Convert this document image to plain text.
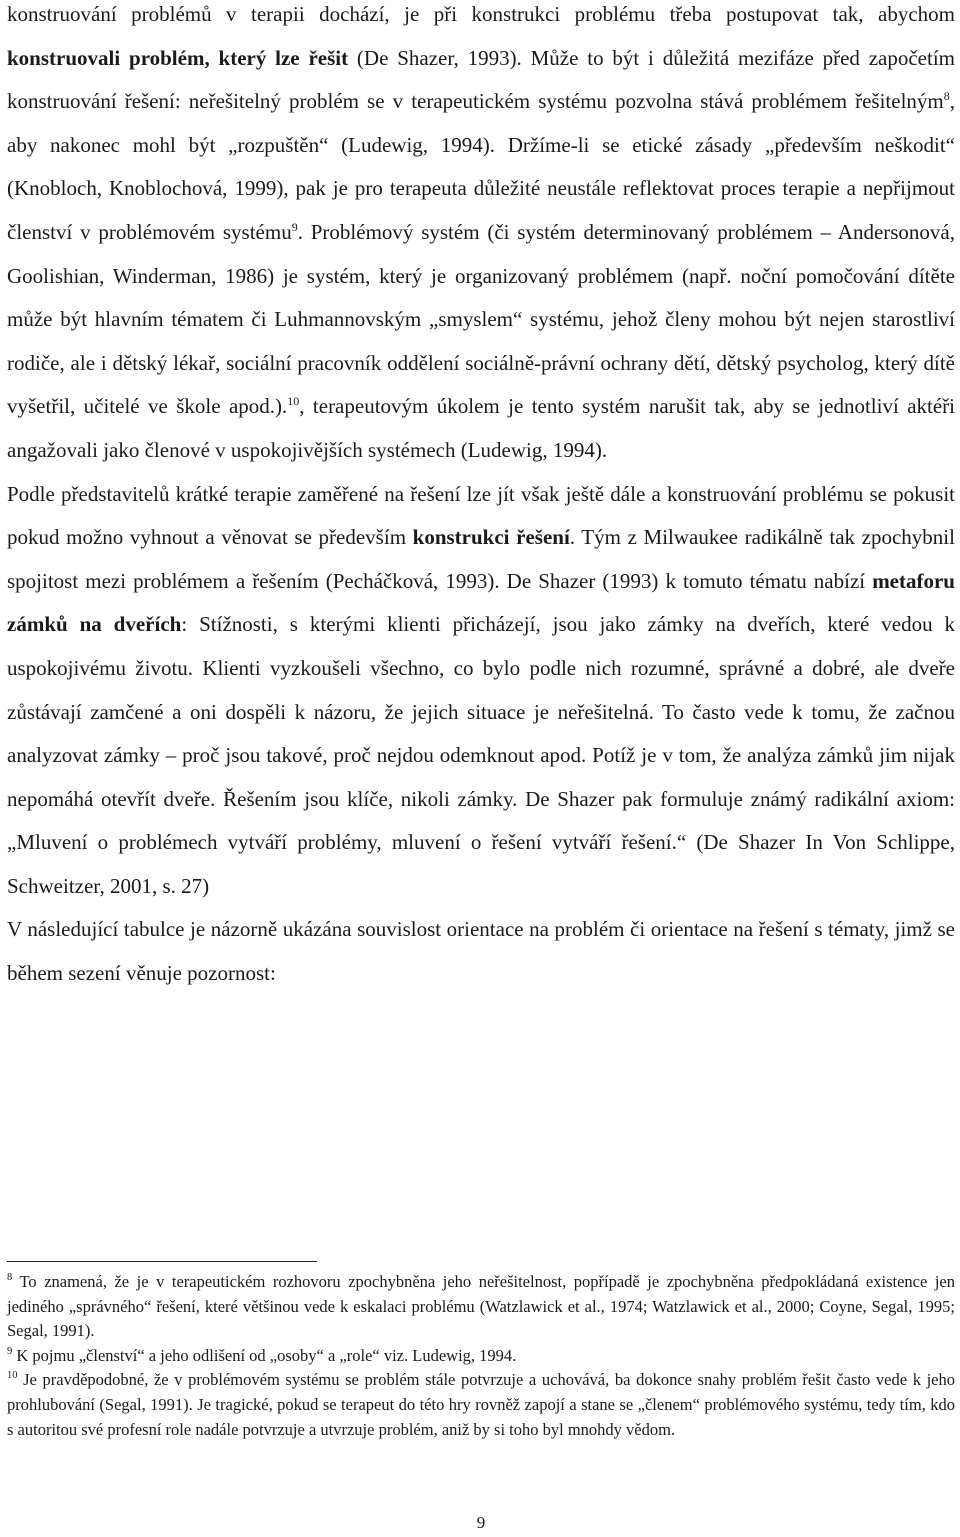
konstruování problémů v terapii dochází, je při konstrukci problému třeba postupovat tak, abychom konstruovali problém, který lze řešit (De Shazer, 1993). Může to být i důležitá mezifáze před započetím konstruování řešení: neřešitelný problém se v terapeutickém systému pozvolna stává problémem řešitelným$^8$, aby nakonec mohl být „rozpuštěn“ (Ludewig, 1994). Držíme-li se etické zásady „především neškodit“ (Knobloch, Knoblochová, 1999), pak je pro terapeuta důležité neustále reflektovat proces terapie a nepřijmout členství v problémovém systému$^9$. Problémový systém (či systém determinovaný problémem – Andersonová, Goolishian, Winderman, 1986) je systém, který je organizovaný problémem (např. noční pomočování dítěte může být hlavním tématem či Luhmannovským „smyslem“ systému, jehož členy mohou být nejen starostliví rodiče, ale i dětský lékař, sociální pracovník oddělení sociálně-právní ochrany dětí, dětský psycholog, který dítě vyšetřil, učitelé ve škole apod.).$^{10}$, terapeutovým úkolem je tento systém narušit tak, aby se jednotliví aktéři angažovali jako členové v uspokojivějších systémech (Ludewig, 1994).

Podle představitelů krátké terapie zaměřené na řešení lze jít však ještě dále a konstruování problému se pokusit pokud možno vyhnout a věnovat se především konstrukci řešení. Tým z Milwaukee radikálně tak zpochybnil spojitost mezi problémem a řešením (Pecháčková, 1993). De Shazer (1993) k tomuto tématu nabízí metaforu zámků na dveřích: Stížnosti, s kterými klienti přicházejí, jsou jako zámky na dveřích, které vedou k uspokojivému životu. Klienti vyzkoušeli všechno, co bylo podle nich rozumné, správné a dobré, ale dveře zůstávají zamčené a oni dospěli k názoru, že jejich situace je neřešitelná. To často vede k tomu, že začnou analyzovat zámky – proč jsou takové, proč nejdou odemknout apod. Potíž je v tom, že analýza zámků jim nijak nepomáhá otevřít dveře. Řešením jsou klíče, nikoli zámky. De Shazer pak formuluje známý radikální axiom: „Mluvení o problémech vytváří problémy, mluvení o řešení vytváří řešení.“ (De Shazer In Von Schlippe, Schweitzer, 2001, s. 27)

V následující tabulce je názorně ukázána souvislost orientace na problém či orientace na řešení s tématy, jimž se během sezení věnuje pozornost:

$^8$ To znamená, že je v terapeutickém rozhovoru zpochybněna jeho neřešitelnost, popřípadě je zpochybněna předpokládaná existence jen jediného „správného“ řešení, které většinou vede k eskalaci problému (Watzlawick et al., 1974; Watzlawick et al., 2000; Coyne, Segal, 1995; Segal, 1991).

$^9$ K pojmu „členství“ a jeho odlišení od „osoby“ a „role“ viz. Ludewig, 1994.

$^{10}$ Je pravděpodobné, že v problémovém systému se problém stále potvrzuje a uchovává, ba dokonce snahy problém řešit často vede k jeho prohlubování (Segal, 1991). Je tragické, pokud se terapeut do této hry rovněž zapojí a stane se „členem“ problémového systému, tedy tím, kdo s autoritou své profesní role nadále potvrzuje a utvrzuje problém, aniž by si toho byl mnohdy vědom.

9
